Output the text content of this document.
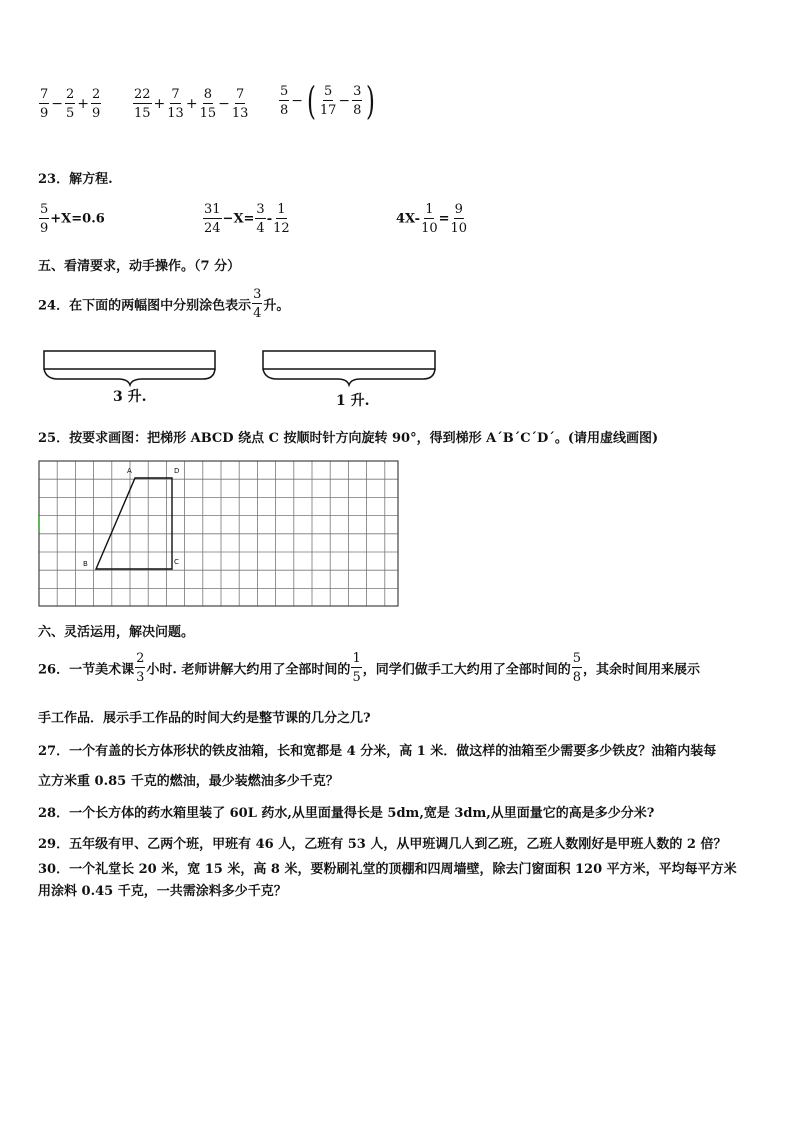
$\frac{7}{9} - \frac{2}{5} + \frac{2}{9} \frac{22}{15} + \frac{7}{13} + \frac{8}{15} - \frac{7}{13} \frac{5}{8}$ − ( $\frac{5}{17} - \frac{3}{8}$ )
23．解方程.
$\frac{5}{9} +X=0.6$	$\frac{31}{24} -X= \frac{3}{4} - \frac{1}{12}$	$4X- \frac{1}{10} = \frac{9}{10}$
五、看清要求，动手操作。（7 分）
24．在下面的两幅图中分别涂色表示 $\frac{3}{4}$ 升。
3 升.	1 升.
25．按要求画图：把梯形 ABCD 绕点 C 按顺时针方向旋转 90°，得到梯形 A´B´C´D´。(请用虚线画图)
A	D
B	C
六、灵活运用，解决问题。
26．一节美术课 $\frac{2}{3}$ 小时. 老师讲解大约用了全部时间的 $\frac{1}{5}$ ，同学们做手工大约用了全部时间的 $\frac{5}{8}$ ，其余时间用来展示
手工作品．展示手工作品的时间大约是整节课的几分之几?
27．一个有盖的长方体形状的铁皮油箱，长和宽都是 4 分米，高 1 米．做这样的油箱至少需要多少铁皮？油箱内装每
立方米重 0.85 千克的燃油，最少装燃油多少千克？
28．一个长方体的药水箱里装了 60L 药水,从里面量得长是 5dm,宽是 3dm,从里面量它的高是多少分米?
29．五年级有甲、乙两个班，甲班有 46 人，乙班有 53 人，从甲班调几人到乙班，乙班人数刚好是甲班人数的 2 倍？
30．一个礼堂长 20 米，宽 15 米，高 8 米，要粉刷礼堂的顶棚和四周墙壁，除去门窗面积 120 平方米，平均每平方米
用涂料 0.45 千克，一共需涂料多少千克？
